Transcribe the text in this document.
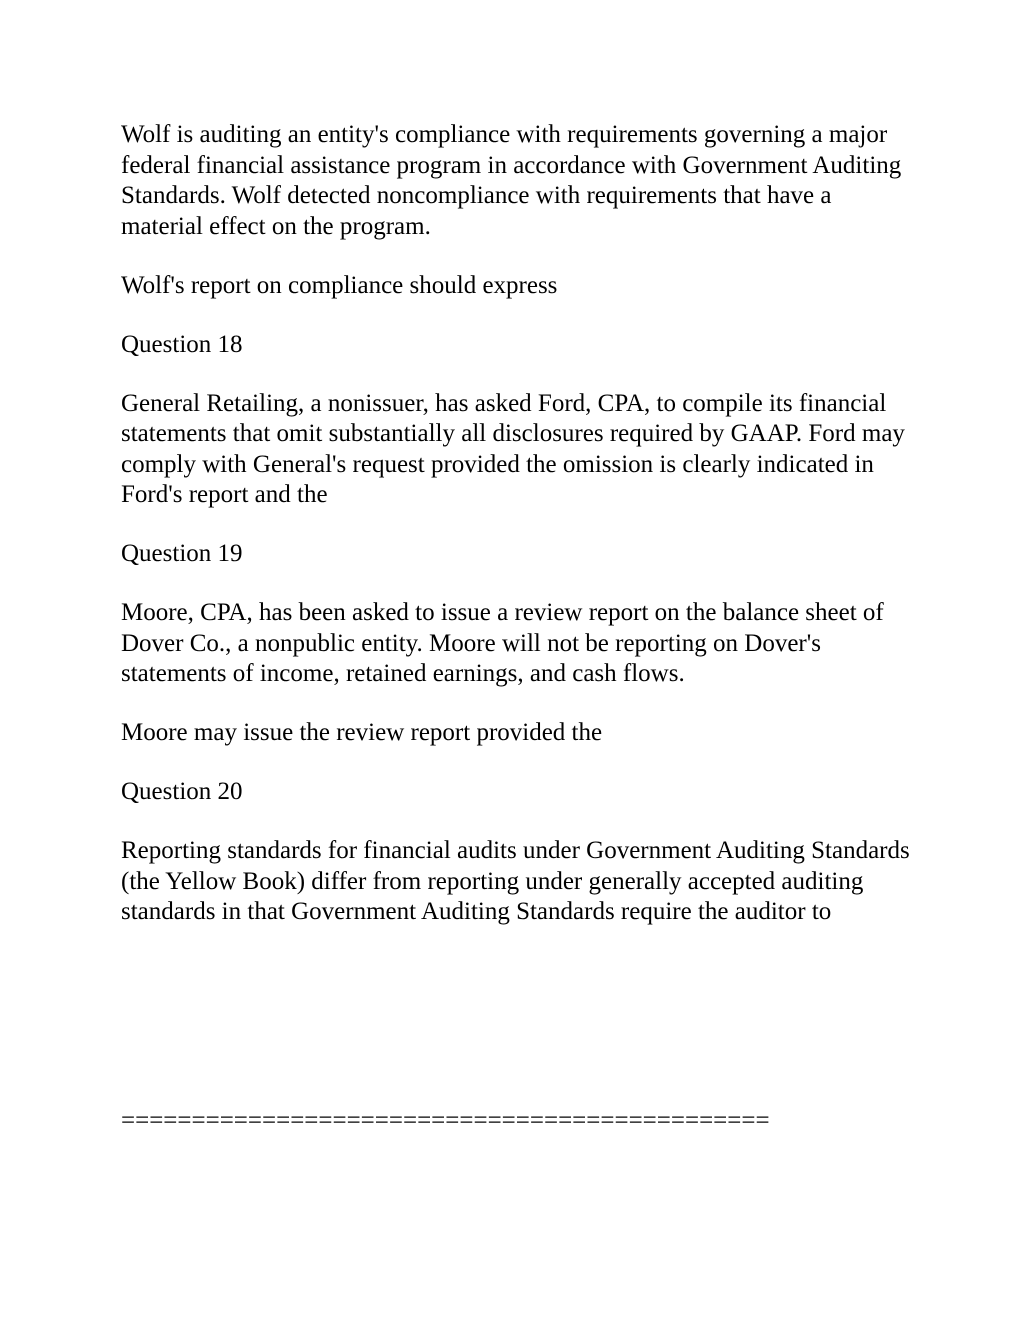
Wolf is auditing an entity's compliance with requirements governing a major federal financial assistance program in accordance with Government Auditing Standards. Wolf detected noncompliance with requirements that have a material effect on the program.

Wolf's report on compliance should express

Question 18

General Retailing, a nonissuer, has asked Ford, CPA, to compile its financial statements that omit substantially all disclosures required by GAAP. Ford may comply with General's request provided the omission is clearly indicated in Ford's report and the

Question 19

Moore, CPA, has been asked to issue a review report on the balance sheet of Dover Co., a nonpublic entity. Moore will not be reporting on Dover's statements of income, retained earnings, and cash flows.

Moore may issue the review report provided the

Question 20

Reporting standards for financial audits under Government Auditing Standards (the Yellow Book) differ from reporting under generally accepted auditing standards in that Government Auditing Standards require the auditor to

==============================================
